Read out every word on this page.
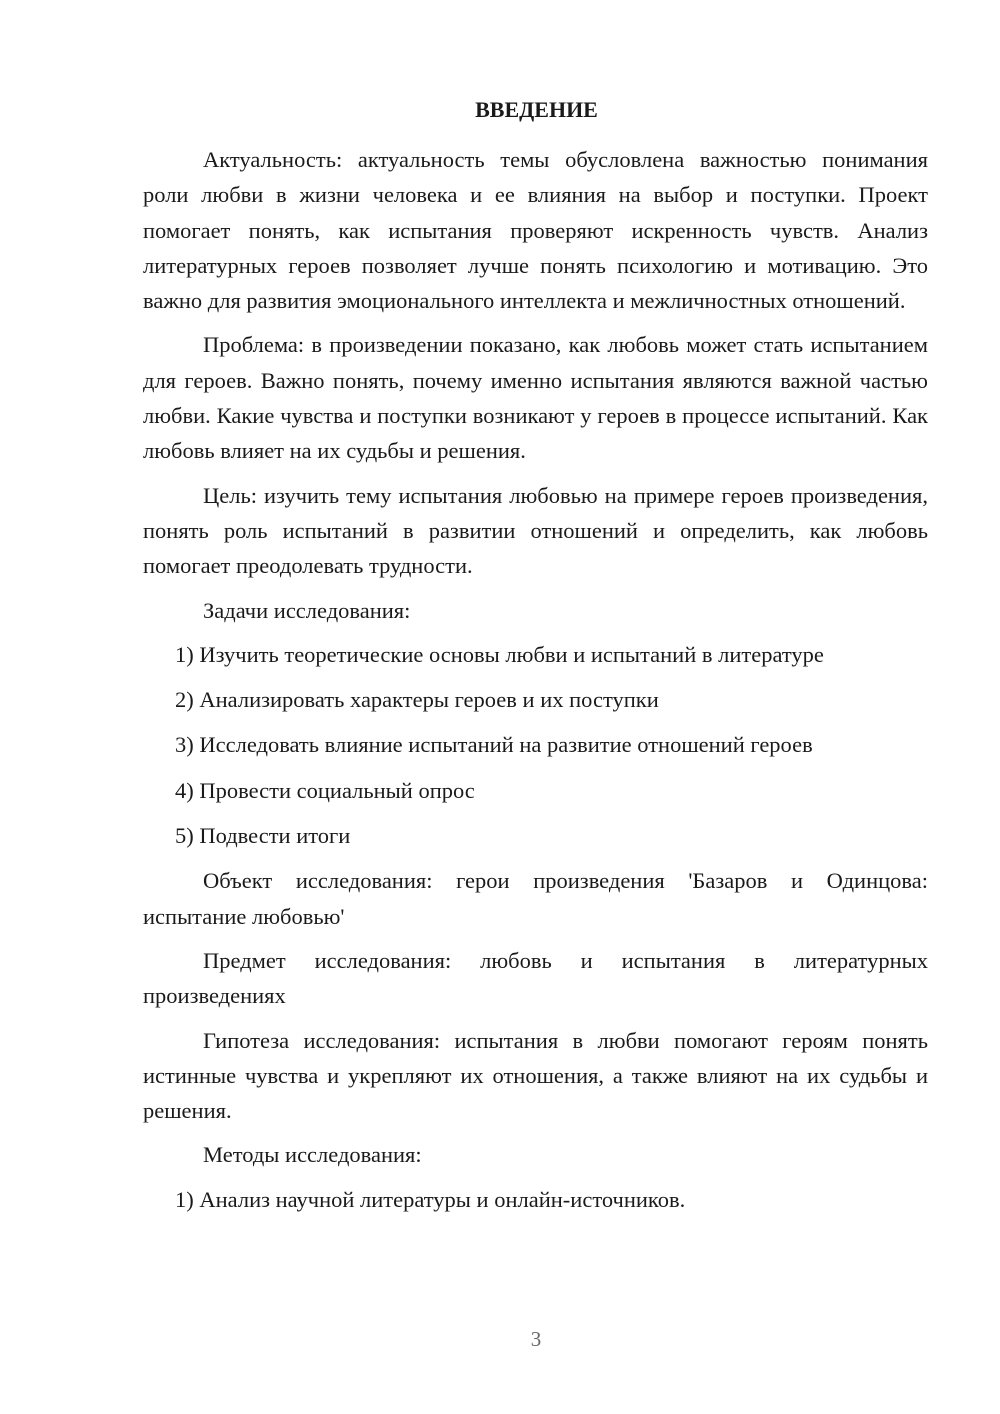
ВВЕДЕНИЕ

Актуальность: актуальность темы обусловлена важностью понимания роли любви в жизни человека и ее влияния на выбор и поступки. Проект помогает понять, как испытания проверяют искренность чувств. Анализ литературных героев позволяет лучше понять психологию и мотивацию. Это важно для развития эмоционального интеллекта и межличностных отношений.

Проблема: в произведении показано, как любовь может стать испытанием для героев. Важно понять, почему именно испытания являются важной частью любви. Какие чувства и поступки возникают у героев в процессе испытаний. Как любовь влияет на их судьбы и решения.

Цель: изучить тему испытания любовью на примере героев произведения, понять роль испытаний в развитии отношений и определить, как любовь помогает преодолевать трудности.

Задачи исследования:

1) Изучить теоретические основы любви и испытаний в литературе
2) Анализировать характеры героев и их поступки
3) Исследовать влияние испытаний на развитие отношений героев
4) Провести социальный опрос
5) Подвести итоги

Объект исследования: герои произведения 'Базаров и Одинцова: испытание любовью'

Предмет исследования: любовь и испытания в литературных произведениях

Гипотеза исследования: испытания в любви помогают героям понять истинные чувства и укрепляют их отношения, а также влияют на их судьбы и решения.

Методы исследования:

1) Анализ научной литературы и онлайн-источников.
3
